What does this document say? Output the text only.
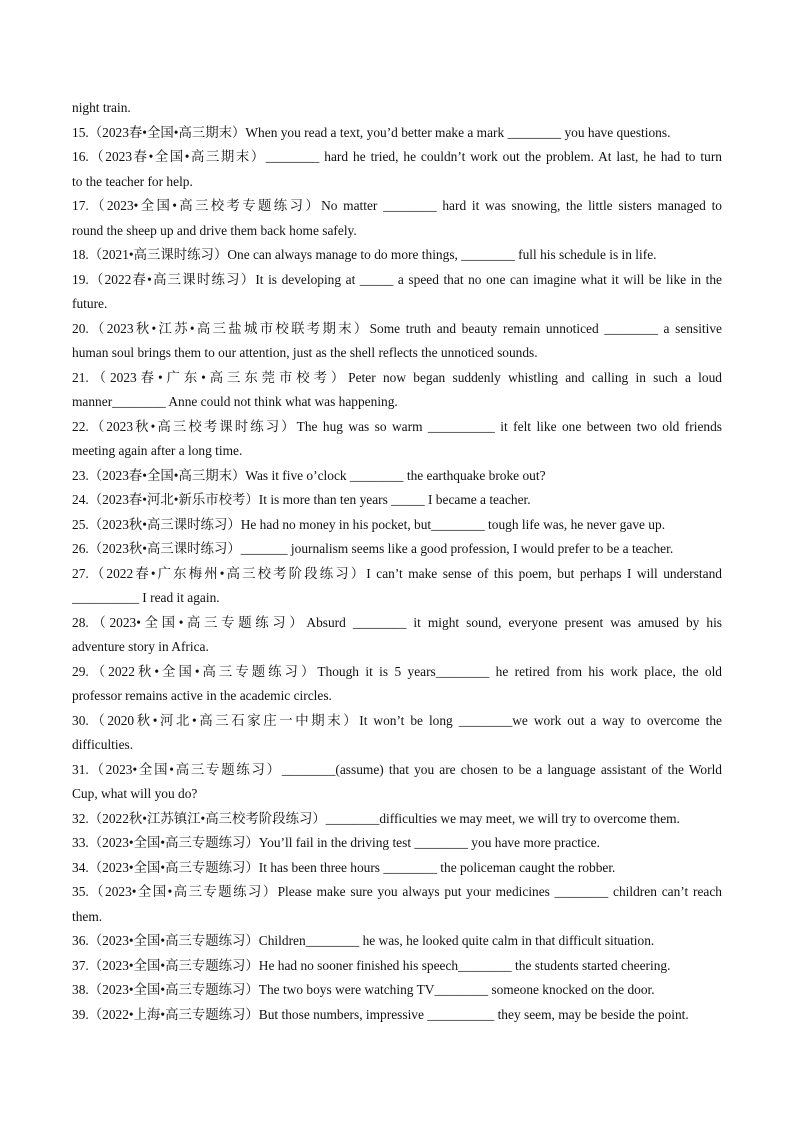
night train.
15.（2023春•全国•高三期末）When you read a text, you’d better make a mark ________ you have questions.
16.（2023春•全国•高三期末）________ hard he tried, he couldn’t work out the problem. At last, he had to turn
to the teacher for help.
17.（2023•全国•高三校考专题练习）No matter ________ hard it was snowing, the little sisters managed to
round the sheep up and drive them back home safely.
18.（2021•高三课时练习）One can always manage to do more things, ________ full his schedule is in life.
19.（2022春•高三课时练习）It is developing at _____ a speed that no one can imagine what it will be like in the
future.
20.（2023秋•江苏•高三盐城市校联考期末）Some truth and beauty remain unnoticed ________ a sensitive
human soul brings them to our attention, just as the shell reflects the unnoticed sounds.
21.（2023春•广东•高三东莞市校考）Peter now began suddenly whistling and calling in such a loud
manner________ Anne could not think what was happening.
22.（2023秋•高三校考课时练习）The hug was so warm __________ it felt like one between two old friends
meeting again after a long time.
23.（2023春•全国•高三期末）Was it five o’clock ________ the earthquake broke out?
24.（2023春•河北•新乐市校考）It is more than ten years _____ I became a teacher.
25.（2023秋•高三课时练习）He had no money in his pocket, but________ tough life was, he never gave up.
26.（2023秋•高三课时练习）_______ journalism seems like a good profession, I would prefer to be a teacher.
27.（2022春•广东梅州•高三校考阶段练习）I can’t make sense of this poem, but perhaps I will understand
__________ I read it again.
28.（2023•全国•高三专题练习）Absurd ________ it might sound, everyone present was amused by his
adventure story in Africa.
29.（2022秋•全国•高三专题练习）Though it is 5 years________ he retired from his work place, the old
professor remains active in the academic circles.
30.（2020秋•河北•高三石家庄一中期末）It won’t be long ________we work out a way to overcome the
difficulties.
31.（2023•全国•高三专题练习）________(assume) that you are chosen to be a language assistant of the World
Cup, what will you do?
32.（2022秋•江苏镇江•高三校考阶段练习）________difficulties we may meet, we will try to overcome them.
33.（2023•全国•高三专题练习）You’ll fail in the driving test ________ you have more practice.
34.（2023•全国•高三专题练习）It has been three hours ________ the policeman caught the robber.
35.（2023•全国•高三专题练习）Please make sure you always put your medicines ________ children can’t reach
them.
36.（2023•全国•高三专题练习）Children________ he was, he looked quite calm in that difficult situation.
37.（2023•全国•高三专题练习）He had no sooner finished his speech________ the students started cheering.
38.（2023•全国•高三专题练习）The two boys were watching TV________ someone knocked on the door.
39.（2022•上海•高三专题练习）But those numbers, impressive __________ they seem, may be beside the point.
